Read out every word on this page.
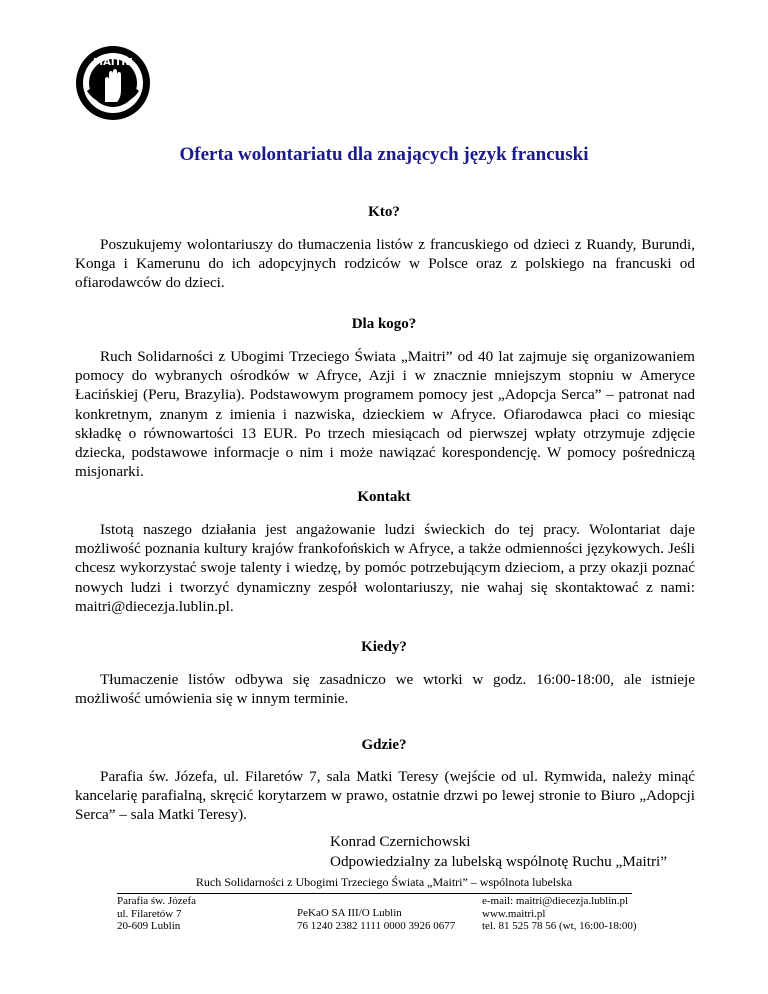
MAITRI
Oferta wolontariatu dla znających język francuski
Kto?

Poszukujemy wolontariuszy do tłumaczenia listów z francuskiego od dzieci z Ruandy, Burundi, Konga i Kamerunu do ich adopcyjnych rodziców w Polsce oraz z polskiego na francuski od ofiarodawców do dzieci.

Dla kogo?

Ruch Solidarności z Ubogimi Trzeciego Świata „Maitri” od 40 lat zajmuje się organizowaniem pomocy do wybranych ośrodków w Afryce, Azji i w znacznie mniejszym stopniu w Ameryce Łacińskiej (Peru, Brazylia). Podstawowym programem pomocy jest „Adopcja Serca” – patronat nad konkretnym, znanym z imienia i nazwiska, dzieckiem w Afryce. Ofiarodawca płaci co miesiąc składkę o równowartości 13 EUR. Po trzech miesiącach od pierwszej wpłaty otrzymuje zdjęcie dziecka, podstawowe informacje o nim i może nawiązać korespondencję. W pomocy pośredniczą misjonarki.

Kontakt

Istotą naszego działania jest angażowanie ludzi świeckich do tej pracy. Wolontariat daje możliwość poznania kultury krajów frankofońskich w Afryce, a także odmienności językowych. Jeśli chcesz wykorzystać swoje talenty i wiedzę, by pomóc potrzebującym dzieciom, a przy okazji poznać nowych ludzi i tworzyć dynamiczny zespół wolontariuszy, nie wahaj się skontaktować z nami: maitri@diecezja.lublin.pl.

Kiedy?

Tłumaczenie listów odbywa się zasadniczo we wtorki w godz. 16:00-18:00, ale istnieje możliwość umówienia się w innym terminie.

Gdzie?

Parafia św. Józefa, ul. Filaretów 7, sala Matki Teresy (wejście od ul. Rymwida, należy minąć kancelarię parafialną, skręcić korytarzem w prawo, ostatnie drzwi po lewej stronie to Biuro „Adopcji Serca” – sala Matki Teresy).

Konrad Czernichowski
Odpowiedzialny za lubelską wspólnotę Ruchu „Maitri”
Ruch Solidarności z Ubogimi Trzeciego Świata „Maitri” – wspólnota lubelska
Parafia św. Józefa
ul. Filaretów 7
20-609 Lublin
PeKaO SA III/O Lublin
76 1240 2382 1111 0000 3926 0677
e-mail: maitri@diecezja.lublin.pl
www.maitri.pl
tel. 81 525 78 56 (wt, 16:00-18:00)
